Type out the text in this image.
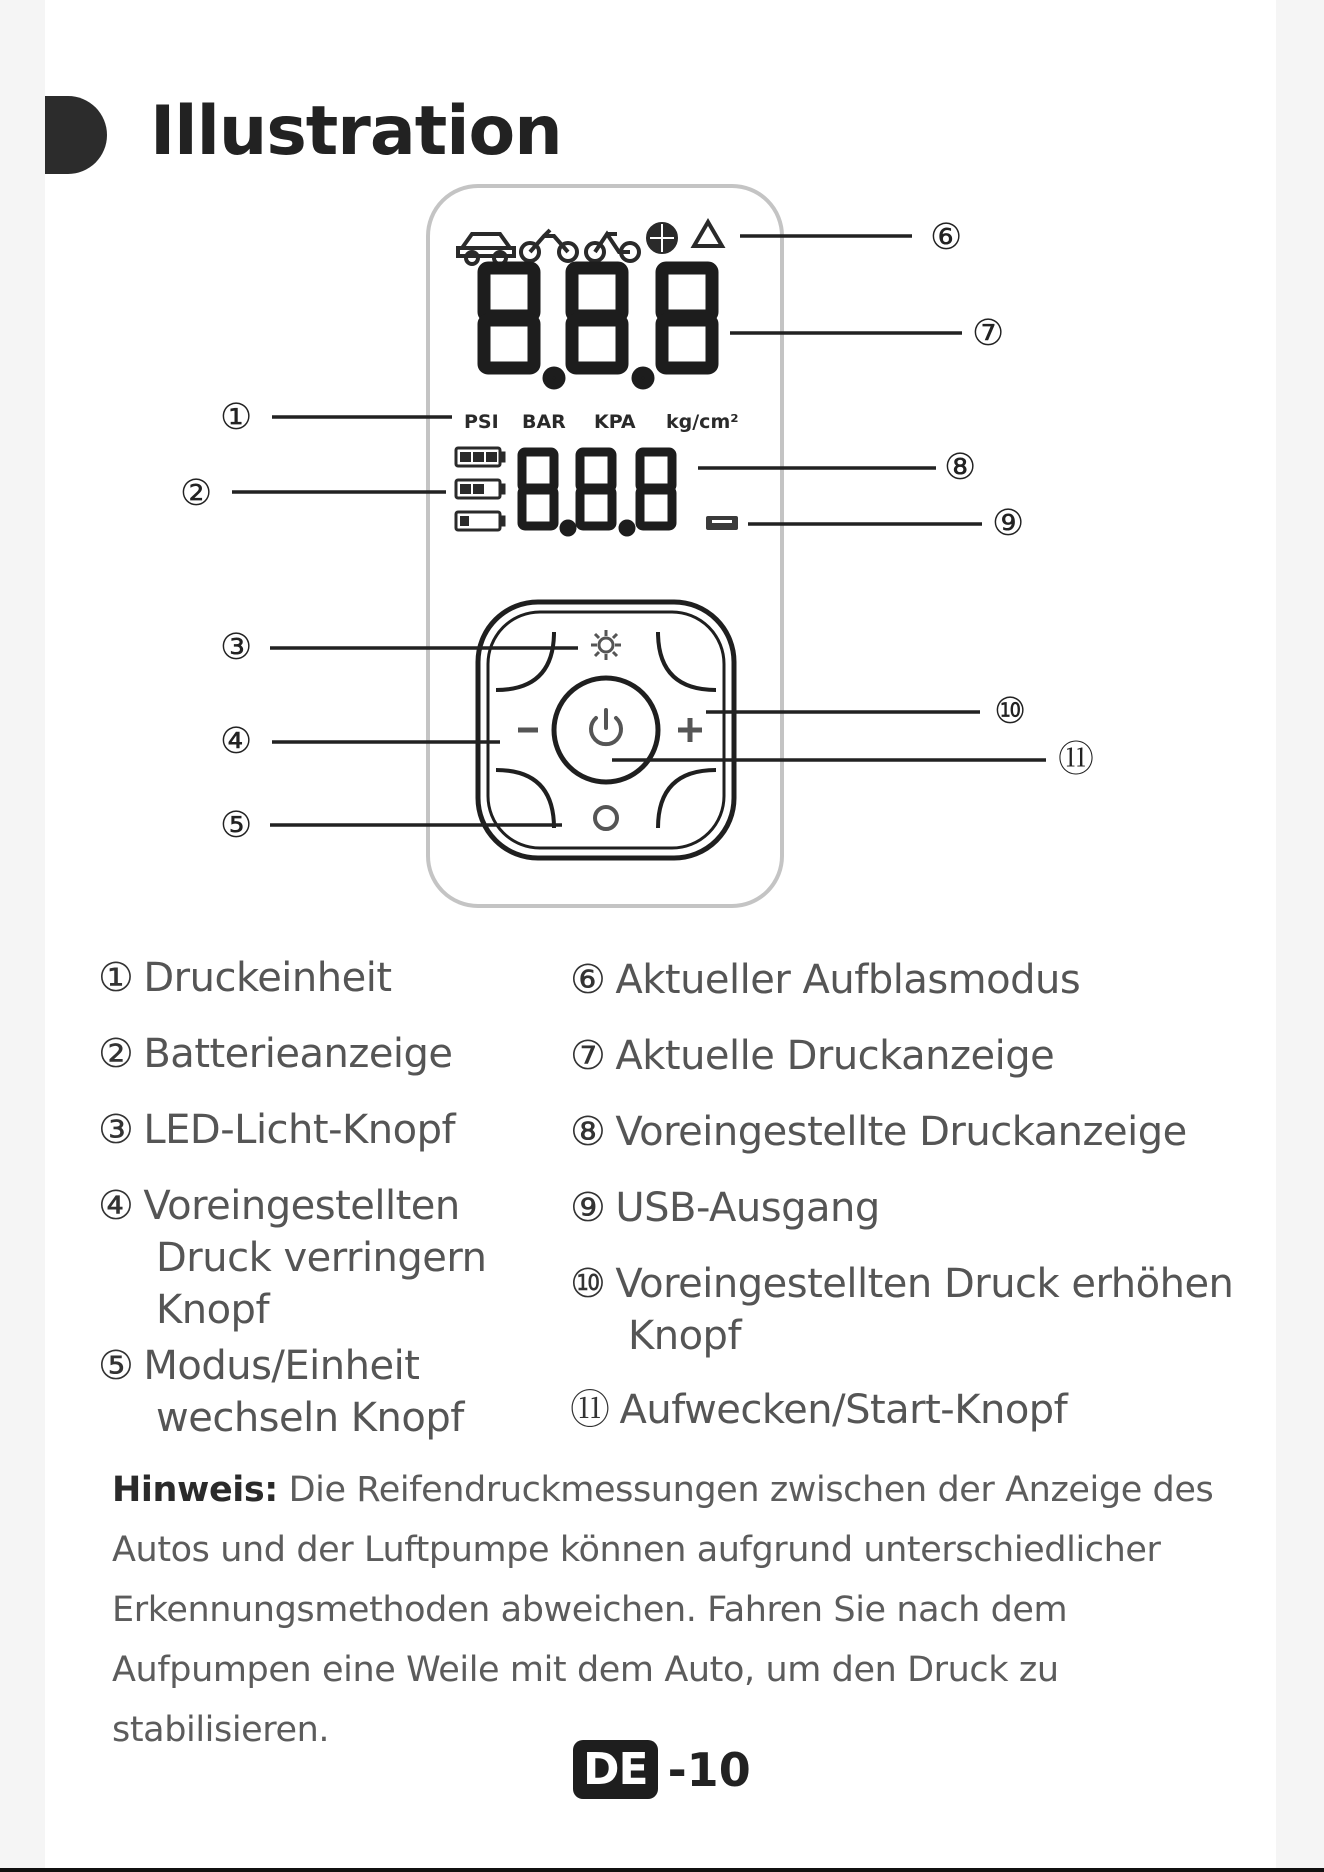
Illustration
PSI BAR KPA kg/cm²
⑥
⑦
①
⑧
②
⑨
③
⑩
④	⑪
⑤
① Druckeinheit
② Batterieanzeige
③ LED-Licht-Knopf
④ Voreingestellten
Druck verringern
Knopf
⑤ Modus/Einheit
wechseln Knopf
⑥ Aktueller Aufblasmodus
⑦ Aktuelle Druckanzeige
⑧ Voreingestellte Druckanzeige
⑨ USB-Ausgang
⑩ Voreingestellten Druck erhöhen
Knopf
⑪ Aufwecken/Start-Knopf
Hinweis: Die Reifendruckmessungen zwischen der Anzeige des Autos und der Luftpumpe können aufgrund unterschiedlicher Erkennungsmethoden abweichen. Fahren Sie nach dem Aufpumpen eine Weile mit dem Auto, um den Druck zu stabilisieren.
DE -10
